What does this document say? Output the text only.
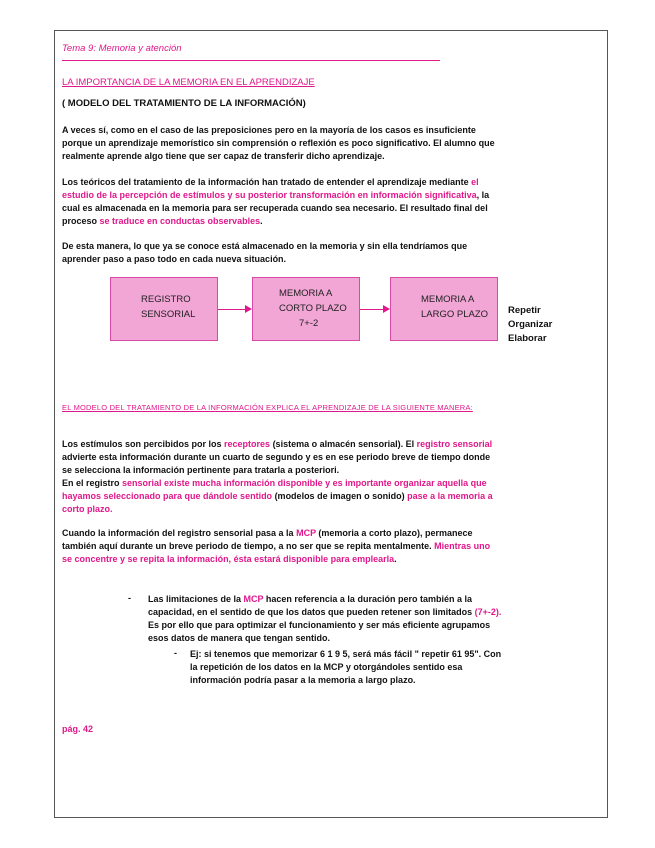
Tema 9: Memoria y atención
LA IMPORTANCIA DE LA MEMORIA EN EL APRENDIZAJE
( MODELO DEL TRATAMIENTO DE LA INFORMACIÓN)
A veces sí, como en el caso de las preposiciones pero en la mayoría de los casos es insuficiente porque un aprendizaje memorístico sin comprensión o reflexión es poco significativo. El alumno que realmente aprende algo tiene que ser capaz de transferir dicho aprendizaje.
Los teóricos del tratamiento de la información han tratado de entender el aprendizaje mediante el estudio de la percepción de estímulos y su posterior transformación en información significativa, la cual es almacenada en la memoria para ser recuperada cuando sea necesario. El resultado final del proceso se traduce en conductas observables.
De esta manera, lo que ya se conoce está almacenado en la memoria y sin ella tendríamos que aprender paso a paso todo en cada nueva situación.
REGISTRO
SENSORIAL
MEMORIA A
CORTO PLAZO
7+-2
MEMORIA A
LARGO PLAZO	Repetir
Organizar
Elaborar
EL MODELO DEL TRATAMIENTO DE LA INFORMACIÓN EXPLICA EL APRENDIZAJE DE LA SIGUIENTE MANERA:
Los estímulos son percibidos por los receptores (sistema o almacén sensorial). El registro sensorial advierte esta información durante un cuarto de segundo y es en ese periodo breve de tiempo donde se selecciona la información pertinente para tratarla a posteriori.
En el registro sensorial existe mucha información disponible y es importante organizar aquella que hayamos seleccionado para que dándole sentido (modelos de imagen o sonido) pase a la memoria a corto plazo.
Cuando la información del registro sensorial pasa a la MCP (memoria a corto plazo), permanece también aquí durante un breve periodo de tiempo, a no ser que se repita mentalmente. Mientras uno se concentre y se repita la información, ésta estará disponible para emplearla.
- Las limitaciones de la MCP hacen referencia a la duración pero también a la capacidad, en el sentido de que los datos que pueden retener son limitados (7+-2). Es por ello que para optimizar el funcionamiento y ser más eficiente agrupamos esos datos de manera que tengan sentido.
- Ej: si tenemos que memorizar 6 1 9 5, será más fácil " repetir 61 95". Con la repetición de los datos en la MCP y otorgándoles sentido esa información podría pasar a la memoria a largo plazo.
pág. 42
